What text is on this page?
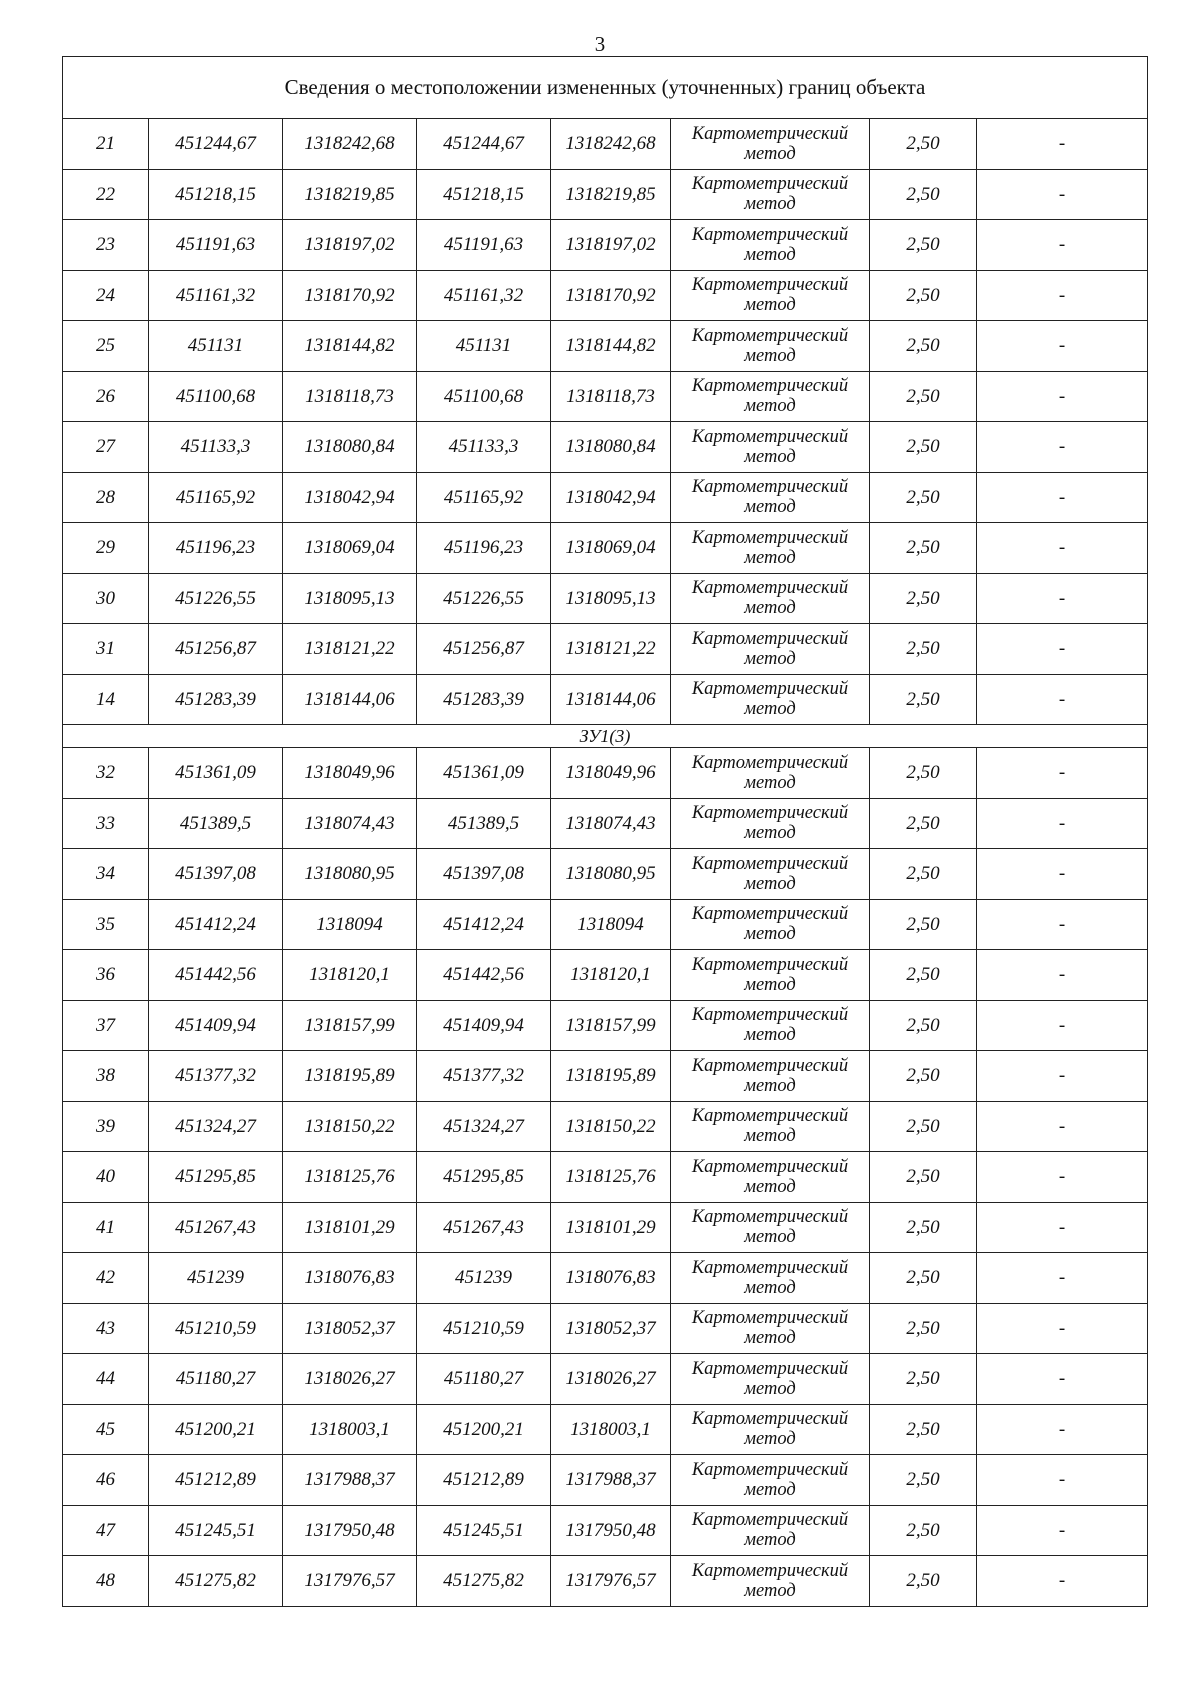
3
Сведения о местоположении измененных (уточненных) границ объекта							
21	451244,67	1318242,68	451244,67	1318242,68	Картометрический метод	2,50	-
22	451218,15	1318219,85	451218,15	1318219,85	Картометрический метод	2,50	-
23	451191,63	1318197,02	451191,63	1318197,02	Картометрический метод	2,50	-
24	451161,32	1318170,92	451161,32	1318170,92	Картометрический метод	2,50	-
25	451131	1318144,82	451131	1318144,82	Картометрический метод	2,50	-
26	451100,68	1318118,73	451100,68	1318118,73	Картометрический метод	2,50	-
27	451133,3	1318080,84	451133,3	1318080,84	Картометрический метод	2,50	-
28	451165,92	1318042,94	451165,92	1318042,94	Картометрический метод	2,50	-
29	451196,23	1318069,04	451196,23	1318069,04	Картометрический метод	2,50	-
30	451226,55	1318095,13	451226,55	1318095,13	Картометрический метод	2,50	-
31	451256,87	1318121,22	451256,87	1318121,22	Картометрический метод	2,50	-
14	451283,39	1318144,06	451283,39	1318144,06	Картометрический метод	2,50	-
ЗУ1(3)							
32	451361,09	1318049,96	451361,09	1318049,96	Картометрический метод	2,50	-
33	451389,5	1318074,43	451389,5	1318074,43	Картометрический метод	2,50	-
34	451397,08	1318080,95	451397,08	1318080,95	Картометрический метод	2,50	-
35	451412,24	1318094	451412,24	1318094	Картометрический метод	2,50	-
36	451442,56	1318120,1	451442,56	1318120,1	Картометрический метод	2,50	-
37	451409,94	1318157,99	451409,94	1318157,99	Картометрический метод	2,50	-
38	451377,32	1318195,89	451377,32	1318195,89	Картометрический метод	2,50	-
39	451324,27	1318150,22	451324,27	1318150,22	Картометрический метод	2,50	-
40	451295,85	1318125,76	451295,85	1318125,76	Картометрический метод	2,50	-
41	451267,43	1318101,29	451267,43	1318101,29	Картометрический метод	2,50	-
42	451239	1318076,83	451239	1318076,83	Картометрический метод	2,50	-
43	451210,59	1318052,37	451210,59	1318052,37	Картометрический метод	2,50	-
44	451180,27	1318026,27	451180,27	1318026,27	Картометрический метод	2,50	-
45	451200,21	1318003,1	451200,21	1318003,1	Картометрический метод	2,50	-
46	451212,89	1317988,37	451212,89	1317988,37	Картометрический метод	2,50	-
47	451245,51	1317950,48	451245,51	1317950,48	Картометрический метод	2,50	-
48	451275,82	1317976,57	451275,82	1317976,57	Картометрический метод	2,50	-
